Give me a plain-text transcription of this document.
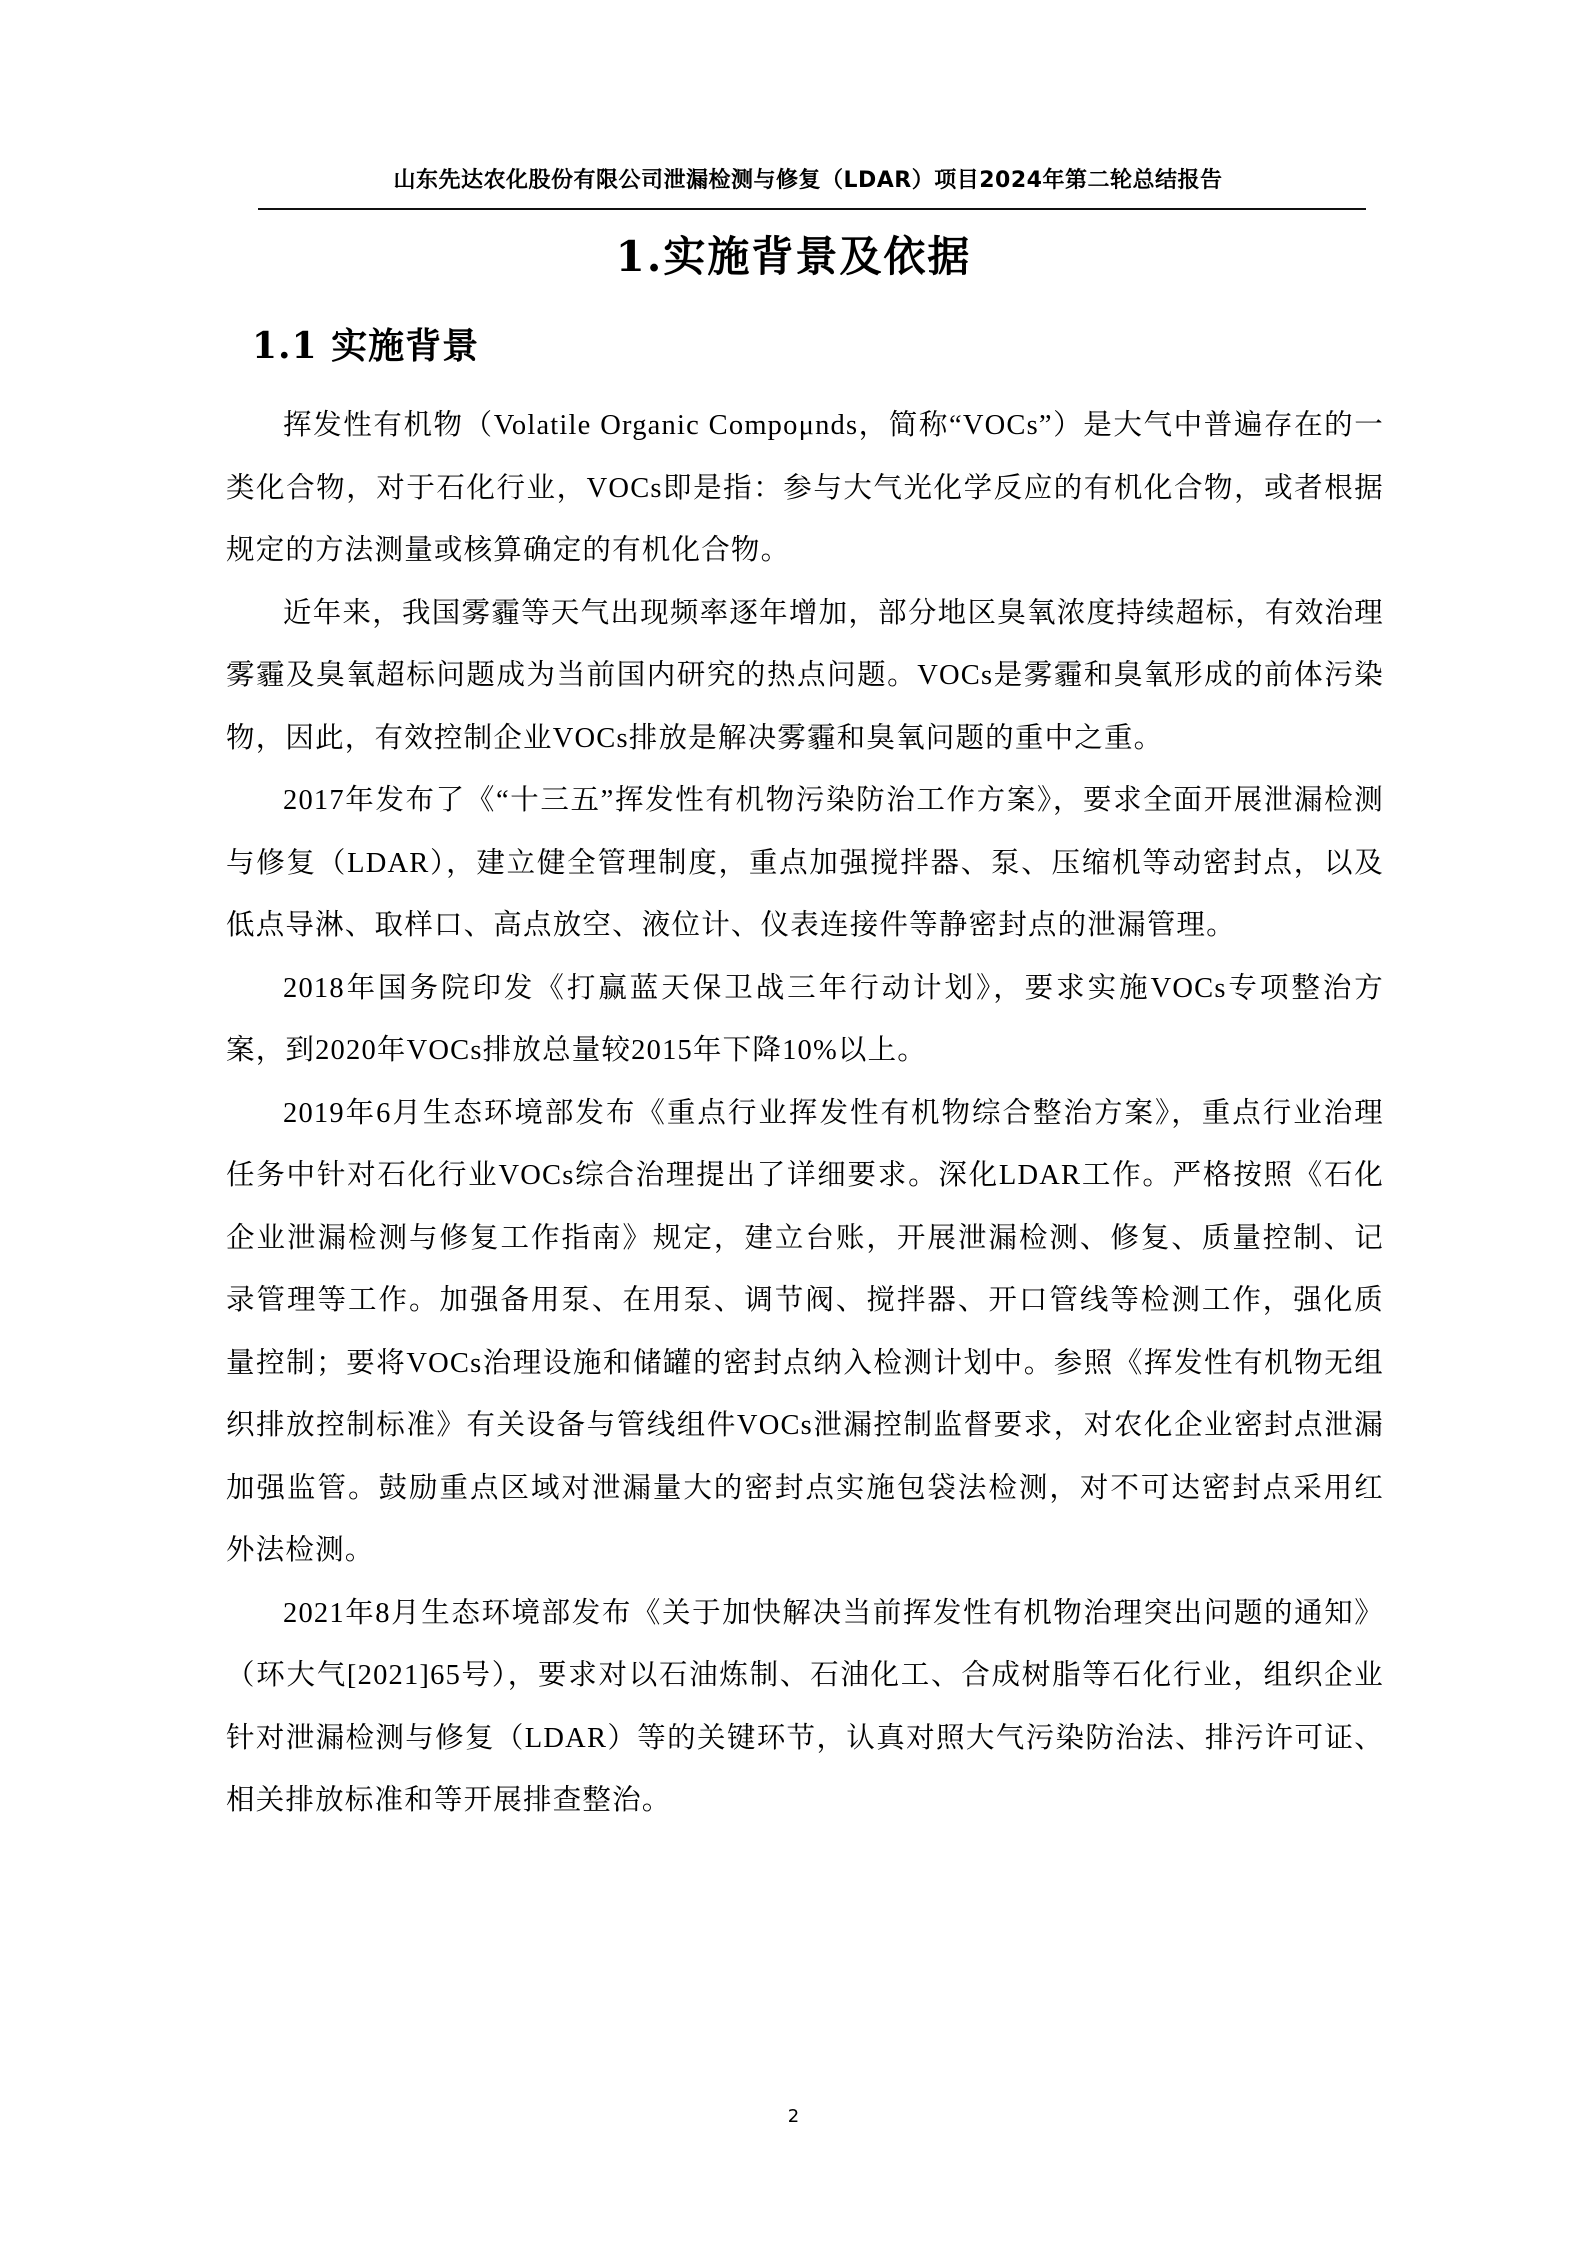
山东先达农化股份有限公司泄漏检测与修复（LDAR）项目2024年第二轮总结报告
1.实施背景及依据
1.1 实施背景

挥发性有机物（Volatile Organic Compoμnds，简称“VOCs”）是大气中普遍存在的一类化合物，对于石化行业，VOCs即是指：参与大气光化学反应的有机化合物，或者根据规定的方法测量或核算确定的有机化合物。

近年来，我国雾霾等天气出现频率逐年增加，部分地区臭氧浓度持续超标，有效治理雾霾及臭氧超标问题成为当前国内研究的热点问题。VOCs是雾霾和臭氧形成的前体污染物，因此，有效控制企业VOCs排放是解决雾霾和臭氧问题的重中之重。

2017年发布了《“十三五”挥发性有机物污染防治工作方案》，要求全面开展泄漏检测与修复（LDAR），建立健全管理制度，重点加强搅拌器、泵、压缩机等动密封点，以及低点导淋、取样口、高点放空、液位计、仪表连接件等静密封点的泄漏管理。

2018年国务院印发《打赢蓝天保卫战三年行动计划》，要求实施VOCs专项整治方案，到2020年VOCs排放总量较2015年下降10%以上。

2019年6月生态环境部发布《重点行业挥发性有机物综合整治方案》，重点行业治理任务中针对石化行业VOCs综合治理提出了详细要求。深化LDAR工作。严格按照《石化企业泄漏检测与修复工作指南》规定，建立台账，开展泄漏检测、修复、质量控制、记录管理等工作。加强备用泵、在用泵、调节阀、搅拌器、开口管线等检测工作，强化质量控制；要将VOCs治理设施和储罐的密封点纳入检测计划中。参照《挥发性有机物无组织排放控制标准》有关设备与管线组件VOCs泄漏控制监督要求，对农化企业密封点泄漏加强监管。鼓励重点区域对泄漏量大的密封点实施包袋法检测，对不可达密封点采用红外法检测。

2021年8月生态环境部发布《关于加快解决当前挥发性有机物治理突出问题的通知》（环大气[2021]65号），要求对以石油炼制、石油化工、合成树脂等石化行业，组织企业针对泄漏检测与修复（LDAR）等的关键环节，认真对照大气污染防治法、排污许可证、相关排放标准和等开展排查整治。

2
